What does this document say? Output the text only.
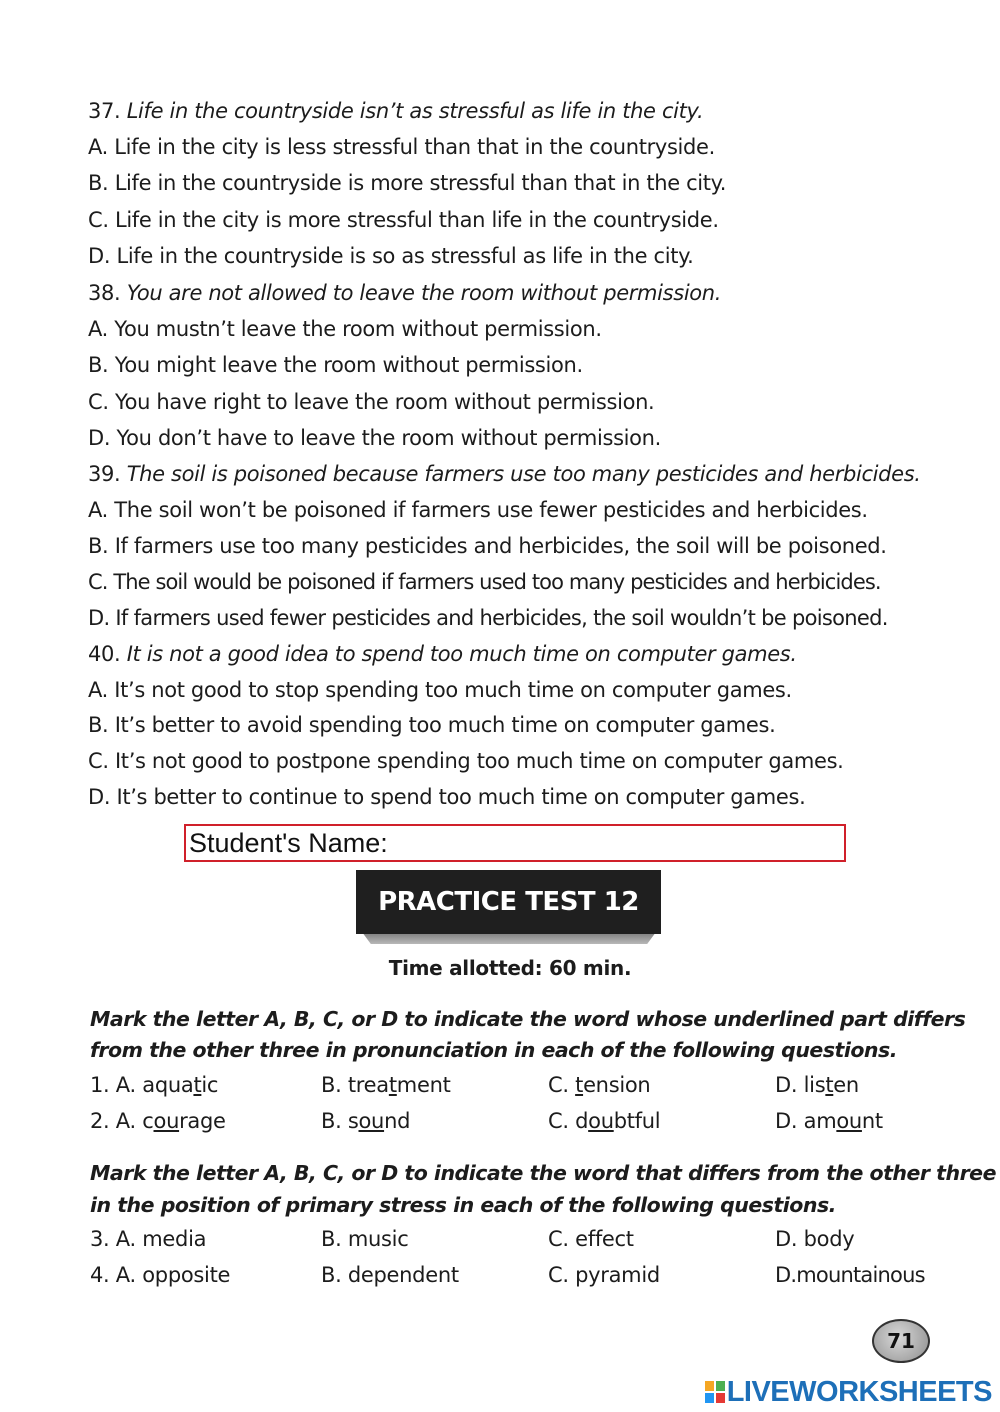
37. Life in the countryside isn’t as stressful as life in the city.
A. Life in the city is less stressful than that in the countryside.
B. Life in the countryside is more stressful than that in the city.
C. Life in the city is more stressful than life in the countryside.
D. Life in the countryside is so as stressful as life in the city.
38. You are not allowed to leave the room without permission.
A. You mustn’t leave the room without permission.
B. You might leave the room without permission.
C. You have right to leave the room without permission.
D. You don’t have to leave the room without permission.
39. The soil is poisoned because farmers use too many pesticides and herbicides.
A. The soil won’t be poisoned if farmers use fewer pesticides and herbicides.
B. If farmers use too many pesticides and herbicides, the soil will be poisoned.
C. The soil would be poisoned if farmers used too many pesticides and herbicides.
D. If farmers used fewer pesticides and herbicides, the soil wouldn’t be poisoned.
40. It is not a good idea to spend too much time on computer games.
A. It’s not good to stop spending too much time on computer games.
B. It’s better to avoid spending too much time on computer games.
C. It’s not good to postpone spending too much time on computer games.
D. It’s better to continue to spend too much time on computer games.
Student's Name:
PRACTICE TEST 12
Time allotted: 60 min.
Mark the letter A, B, C, or D to indicate the word whose underlined part differs
from the other three in pronunciation in each of the following questions.
1. A. aquatic	B. treatment	C. tension	D. listen
2. A. courage	B. sound	C. doubtful	D. amount
Mark the letter A, B, C, or D to indicate the word that differs from the other three
in the position of primary stress in each of the following questions.
3. A. media	B. music	C. effect	D. body
4. A. opposite	B. dependent	C. pyramid	D.mountainous
71
LIVEWORKSHEETS
